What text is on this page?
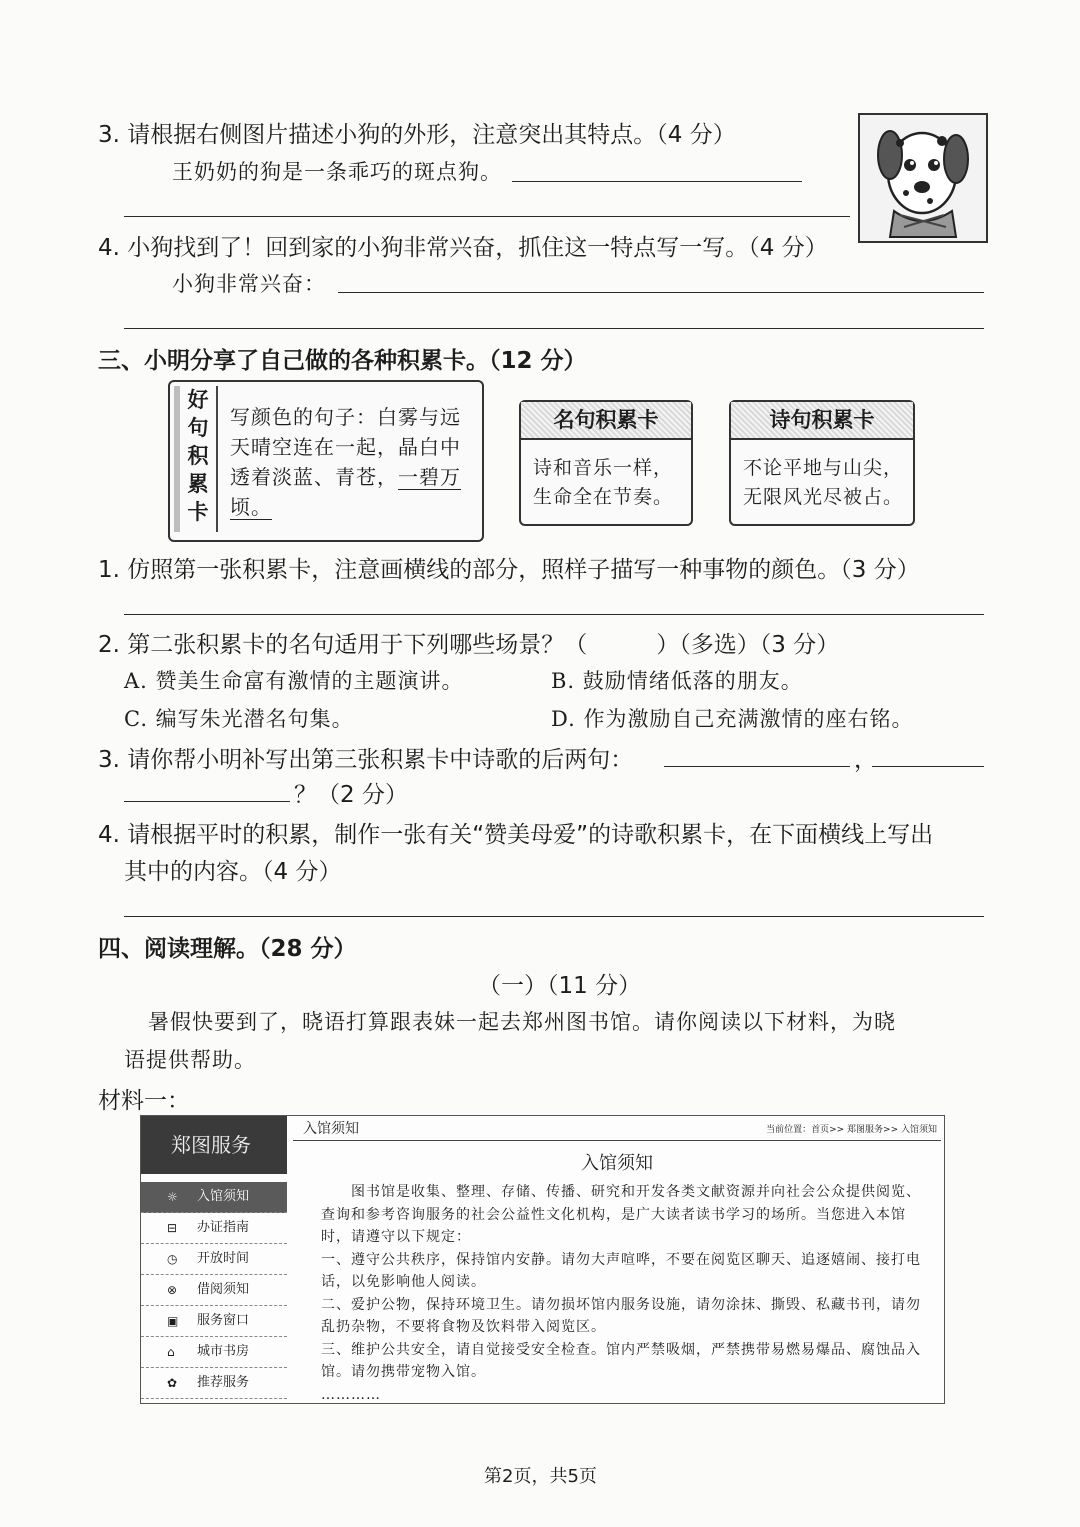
3. 请根据右侧图片描述小狗的外形，注意突出其特点。（4 分）
王奶奶的狗是一条乖巧的斑点狗。
4. 小狗找到了！回到家的小狗非常兴奋，抓住这一特点写一写。（4 分）
小狗非常兴奋：
三、小明分享了自己做的各种积累卡。（12 分）
好
句
积
累
卡
写颜色的句子：白雾与远天晴空连在一起，晶白中透着淡蓝、青苍，一碧万顷。
名句积累卡
诗和音乐一样，生命全在节奏。
诗句积累卡
不论平地与山尖，无限风光尽被占。
1. 仿照第一张积累卡，注意画横线的部分，照样子描写一种事物的颜色。（3 分）
2. 第二张积累卡的名句适用于下列哪些场景？（　　　）（多选）（3 分）
A. 赞美生命富有激情的主题演讲。	B. 鼓励情绪低落的朋友。
C. 编写朱光潜名句集。	D. 作为激励自己充满激情的座右铭。
3. 请你帮小明补写出第三张积累卡中诗歌的后两句：	，
？（2 分）
4. 请根据平时的积累，制作一张有关“赞美母爱”的诗歌积累卡，在下面横线上写出
其中的内容。（4 分）
四、阅读理解。（28 分）
（一）（11 分）
暑假快要到了，晓语打算跟表妹一起去郑州图书馆。请你阅读以下材料，为晓
语提供帮助。
材料一：
郑图服务
☼ 入馆须知
⊟ 办证指南
◷ 开放时间
⊗ 借阅须知
▣ 服务窗口
⌂ 城市书房
✿ 推荐服务
入馆须知	当前位置：首页>> 郑图服务>> 入馆须知
入馆须知

　　图书馆是收集、整理、存储、传播、研究和开发各类文献资源并向社会公众提供阅览、查询和参考咨询服务的社会公益性文化机构，是广大读者读书学习的场所。当您进入本馆时，请遵守以下规定：

一、遵守公共秩序，保持馆内安静。请勿大声喧哗，不要在阅览区聊天、追逐嬉闹、接打电话，以免影响他人阅读。

二、爱护公物，保持环境卫生。请勿损坏馆内服务设施，请勿涂抹、撕毁、私藏书刊，请勿乱扔杂物，不要将食物及饮料带入阅览区。

三、维护公共安全，请自觉接受安全检查。馆内严禁吸烟，严禁携带易燃易爆品、腐蚀品入馆。请勿携带宠物入馆。

…………

第2页，共5页
